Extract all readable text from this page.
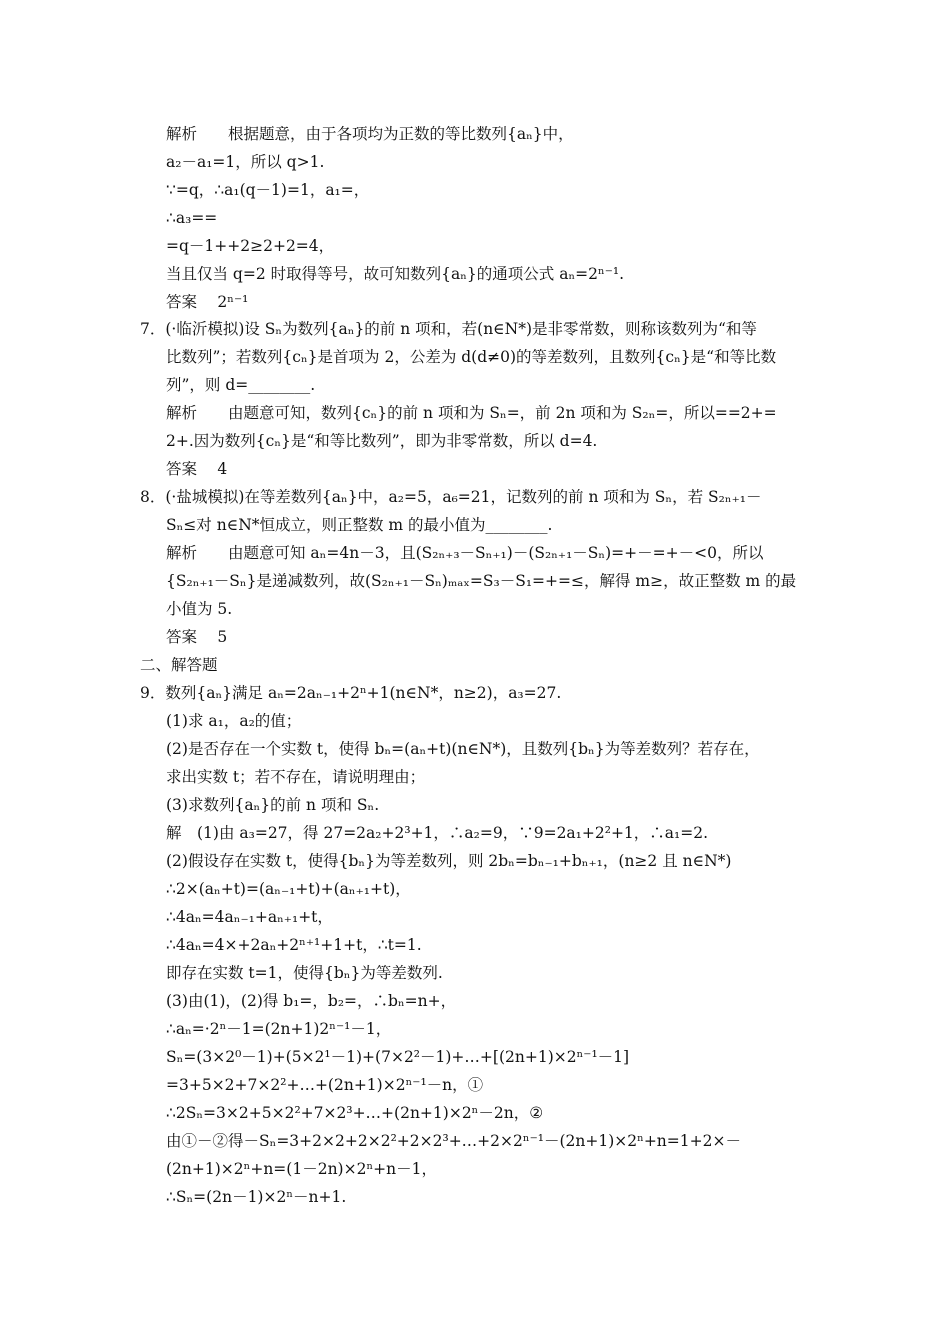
解析　　根据题意，由于各项均为正数的等比数列{aₙ}中，
a₂－a₁=1，所以 q>1.
∵=q，∴a₁(q－1)=1，a₁=，
∴a₃==
=q－1++2≥2+2=4，
当且仅当 q=2 时取得等号，故可知数列{aₙ}的通项公式 aₙ=2ⁿ⁻¹.
答案　 2ⁿ⁻¹
7．(·临沂模拟)设 Sₙ为数列{aₙ}的前 n 项和，若(n∈N*)是非零常数，则称该数列为“和等
比数列”；若数列{cₙ}是首项为 2，公差为 d(d≠0)的等差数列，且数列{cₙ}是“和等比数
列”，则 d=________.
解析　　由题意可知，数列{cₙ}的前 n 项和为 Sₙ=，前 2n 项和为 S₂ₙ=，所以==2+=
2+.因为数列{cₙ}是“和等比数列”，即为非零常数，所以 d=4.
答案　 4
8．(·盐城模拟)在等差数列{aₙ}中，a₂=5，a₆=21，记数列的前 n 项和为 Sₙ，若 S₂ₙ₊₁－
Sₙ≤对 n∈N*恒成立，则正整数 m 的最小值为________.
解析　　由题意可知 aₙ=4n－3，且(S₂ₙ₊₃－Sₙ₊₁)－(S₂ₙ₊₁－Sₙ)=+－=+－<0，所以
{S₂ₙ₊₁－Sₙ}是递减数列，故(S₂ₙ₊₁－Sₙ)ₘₐₓ=S₃－S₁=+=≤，解得 m≥，故正整数 m 的最
小值为 5.
答案　 5
二、解答题
9．数列{aₙ}满足 aₙ=2aₙ₋₁+2ⁿ+1(n∈N*，n≥2)，a₃=27.
(1)求 a₁，a₂的值；
(2)是否存在一个实数 t，使得 bₙ=(aₙ+t)(n∈N*)，且数列{bₙ}为等差数列？若存在，
求出实数 t；若不存在，请说明理由；
(3)求数列{aₙ}的前 n 项和 Sₙ.
解　(1)由 a₃=27，得 27=2a₂+2³+1，∴a₂=9，∵9=2a₁+2²+1，∴a₁=2.
(2)假设存在实数 t，使得{bₙ}为等差数列，则 2bₙ=bₙ₋₁+bₙ₊₁，(n≥2 且 n∈N*)
∴2×(aₙ+t)=(aₙ₋₁+t)+(aₙ₊₁+t)，
∴4aₙ=4aₙ₋₁+aₙ₊₁+t，
∴4aₙ=4×+2aₙ+2ⁿ⁺¹+1+t，∴t=1.
即存在实数 t=1，使得{bₙ}为等差数列.
(3)由(1)，(2)得 b₁=，b₂=，∴bₙ=n+，
∴aₙ=·2ⁿ－1=(2n+1)2ⁿ⁻¹－1，
Sₙ=(3×2⁰－1)+(5×2¹－1)+(7×2²－1)+…+[(2n+1)×2ⁿ⁻¹－1]
=3+5×2+7×2²+…+(2n+1)×2ⁿ⁻¹－n，①
∴2Sₙ=3×2+5×2²+7×2³+…+(2n+1)×2ⁿ－2n，②
由①－②得－Sₙ=3+2×2+2×2²+2×2³+…+2×2ⁿ⁻¹－(2n+1)×2ⁿ+n=1+2×－
(2n+1)×2ⁿ+n=(1－2n)×2ⁿ+n－1，
∴Sₙ=(2n－1)×2ⁿ－n+1.
